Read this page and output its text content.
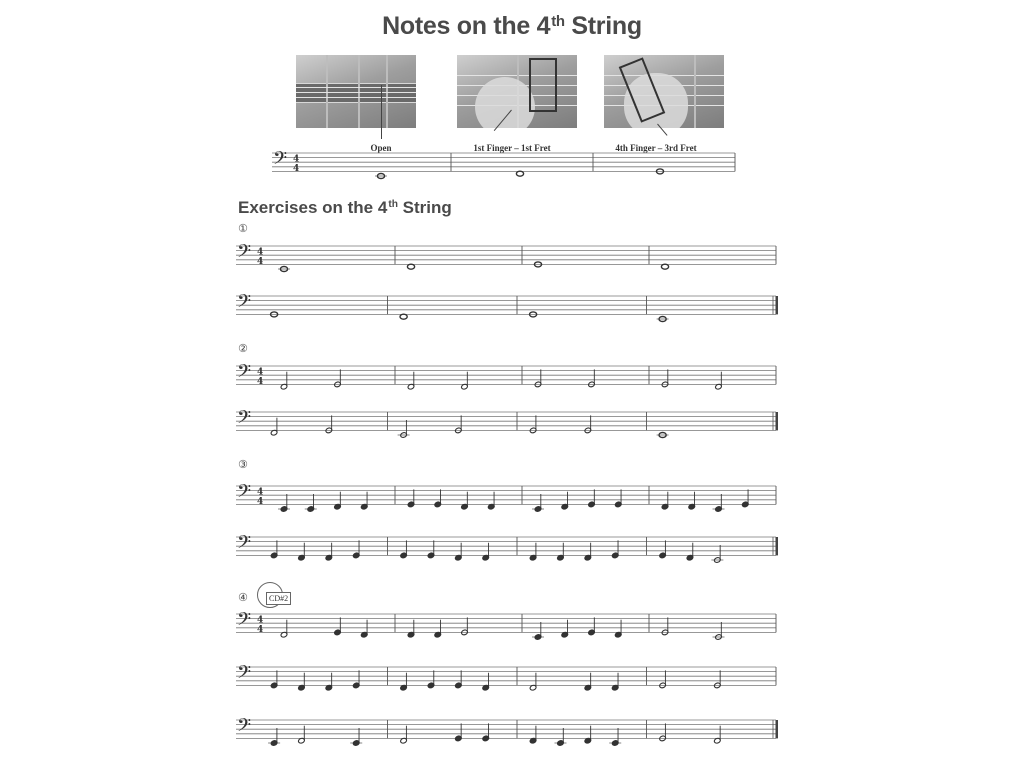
Notes on the 4th String
Open	1st Finger – 1st Fret	4th Finger – 3rd Fret
Exercises on the 4th String
①
②
③
④	CD#2
𝄢 4
4
𝄢 4
4
𝄢
𝄢 4
4
𝄢
𝄢 4
4
𝄢
𝄢 4
4
𝄢
𝄢
